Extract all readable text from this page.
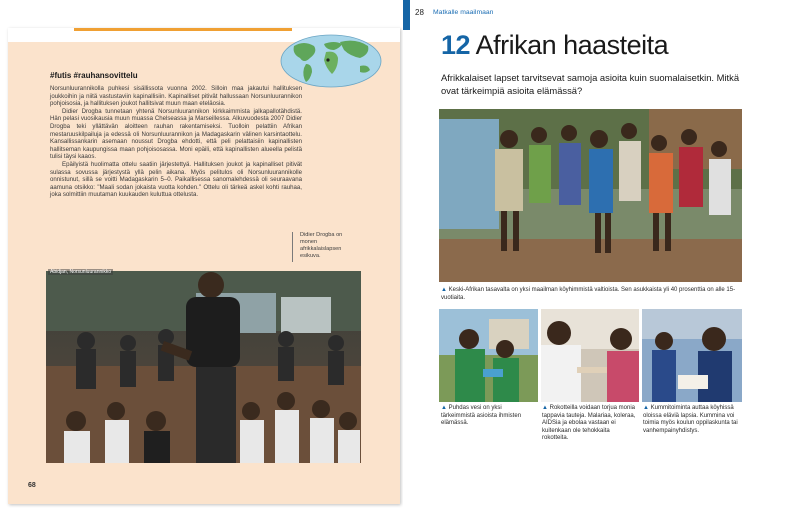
#futis #rauhansovittelu

Norsunluurannikolla puhkesi sisällissota vuonna 2002. Silloin maa jakautui hallituksen joukkoihin ja niitä vastustaviin kapinallisiin. Kapinalliset pitivät hallussaan Norsunluurannikon pohjoisosia, ja hallituksen joukot hallitsivat muun maan eteläosia.

Didier Drogba tunnetaan yhtenä Norsunluurannikon kirkkaimmista jalkapallotähdistä. Hän pelasi vuosikausia muun muassa Chelseassa ja Marseillessa. Alkuvuodesta 2007 Didier Drogba teki yllättävän aloitteen rauhan rakentamiseksi. Tuolloin pelattiin Afrikan mestaruuskilpailuja ja edessä oli Norsunluurannikon ja Madagaskarin välinen karsintaottelu. Kansallissankarin asemaan noussut Drogba ehdotti, että peli pelattaisiin kapinallisten hallitseman kaupungissa maan pohjoisosassa. Moni epäili, että kapinallisten alueella pelistä tulisi täysi kaaos.

Epäilyistä huolimatta ottelu saatiin järjestettyä. Hallituksen joukot ja kapinalliset pitivät sulassa sovussa järjestystä yllä pelin aikana. Myös pelitulos oli Norsunluurannikolle onnistunut, sillä se voitti Madagaskarin 5–0. Paikallisessa sanomalehdessä oli seuraavana aamuna otsikko: "Maali sodan jokaista vuotta kohden." Ottelu oli tärkeä askel kohti rauhaa, joka solmittiin muutaman kuukauden kuluttua ottelusta.

Didier Drogba on monen afrikkalaislapsen esikuva.
Abidjan, Norsunluurannikko
68
28 Matkalle maailmaan
12 Afrikan haasteita
Afrikkalaiset lapset tarvitsevat samoja asioita kuin suomalaisetkin. Mitkä ovat tärkeimpiä asioita elämässä?
▲ Keski-Afrikan tasavalta on yksi maailman köyhimmistä valtioista. Sen asukkaista yli 40 prosenttia on alle 15-vuotiaita.
▲ Puhdas vesi on yksi tärkeimmistä asioista ihmisten elämässä.
▲ Rokotteilla voidaan torjua monia tappavia tauteja. Malariaa, koleraa, AIDSia ja ebolaa vastaan ei kuitenkaan ole tehokkaita rokotteita.
▲ Kummitoiminta auttaa köyhissä oloissa eläviä lapsia. Kummina voi toimia myös koulun oppilaskunta tai vanhempainyhdistys.
